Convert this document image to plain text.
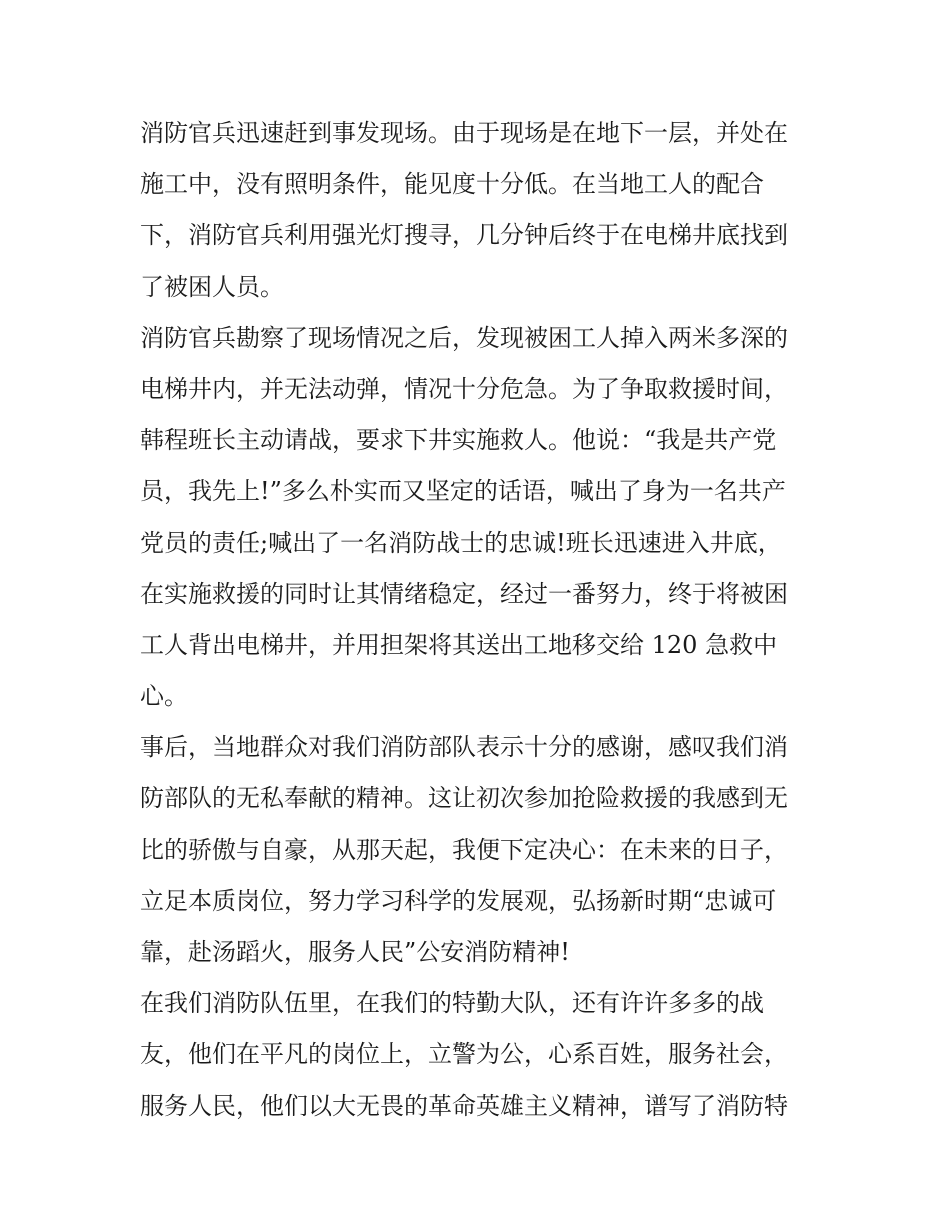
消防官兵迅速赶到事发现场。由于现场是在地下一层，并处在
施工中，没有照明条件，能见度十分低。在当地工人的配合
下，消防官兵利用强光灯搜寻，几分钟后终于在电梯井底找到
了被困人员。

消防官兵勘察了现场情况之后，发现被困工人掉入两米多深的
电梯井内，并无法动弹，情况十分危急。为了争取救援时间，
韩程班长主动请战，要求下井实施救人。他说：“我是共产党
员，我先上!”多么朴实而又坚定的话语，喊出了身为一名共产
党员的责任;喊出了一名消防战士的忠诚!班长迅速进入井底，
在实施救援的同时让其情绪稳定，经过一番努力，终于将被困
工人背出电梯井，并用担架将其送出工地移交给 120 急救中
心。

事后，当地群众对我们消防部队表示十分的感谢，感叹我们消
防部队的无私奉献的精神。这让初次参加抢险救援的我感到无
比的骄傲与自豪，从那天起，我便下定决心：在未来的日子，
立足本质岗位，努力学习科学的发展观，弘扬新时期“忠诚可
靠，赴汤蹈火，服务人民”公安消防精神!

在我们消防队伍里，在我们的特勤大队，还有许许多多的战
友，他们在平凡的岗位上，立警为公，心系百姓，服务社会，
服务人民，他们以大无畏的革命英雄主义精神，谱写了消防特
